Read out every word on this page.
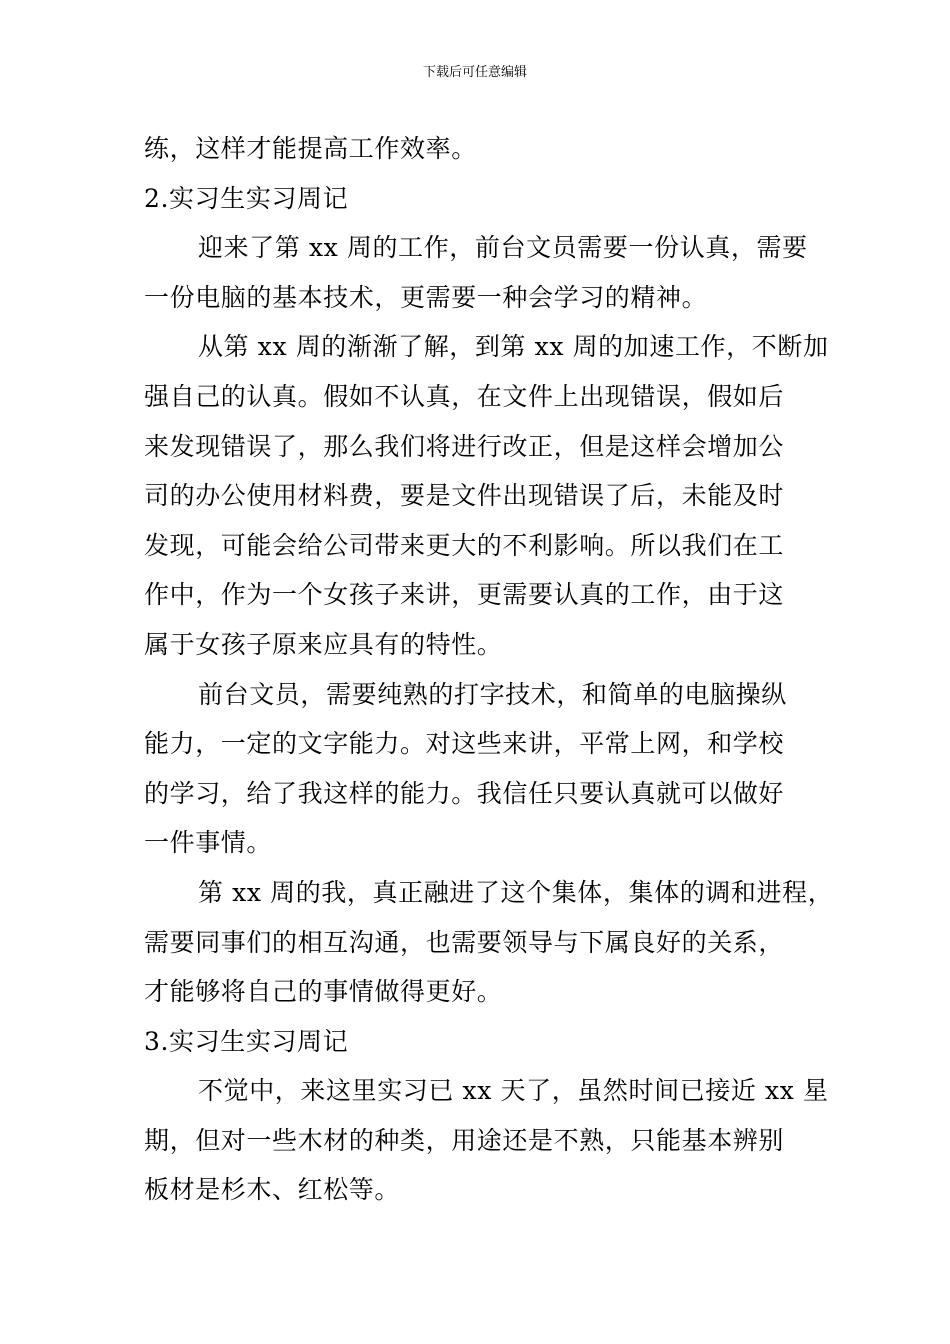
下载后可任意编辑
练，这样才能提高工作效率。
2.实习生实习周记
迎来了第 xx 周的工作，前台文员需要一份认真，需要
一份电脑的基本技术，更需要一种会学习的精神。
从第 xx 周的渐渐了解，到第 xx 周的加速工作，不断加
强自己的认真。假如不认真，在文件上出现错误，假如后
来发现错误了，那么我们将进行改正，但是这样会增加公
司的办公使用材料费，要是文件出现错误了后，未能及时
发现，可能会给公司带来更大的不利影响。所以我们在工
作中，作为一个女孩子来讲，更需要认真的工作，由于这
属于女孩子原来应具有的特性。
前台文员，需要纯熟的打字技术，和简单的电脑操纵
能力，一定的文字能力。对这些来讲，平常上网，和学校
的学习，给了我这样的能力。我信任只要认真就可以做好
一件事情。
第 xx 周的我，真正融进了这个集体，集体的调和进程，
需要同事们的相互沟通，也需要领导与下属良好的关系，
才能够将自己的事情做得更好。
3.实习生实习周记
不觉中，来这里实习已 xx 天了，虽然时间已接近 xx 星
期，但对一些木材的种类，用途还是不熟，只能基本辨别
板材是杉木、红松等。
